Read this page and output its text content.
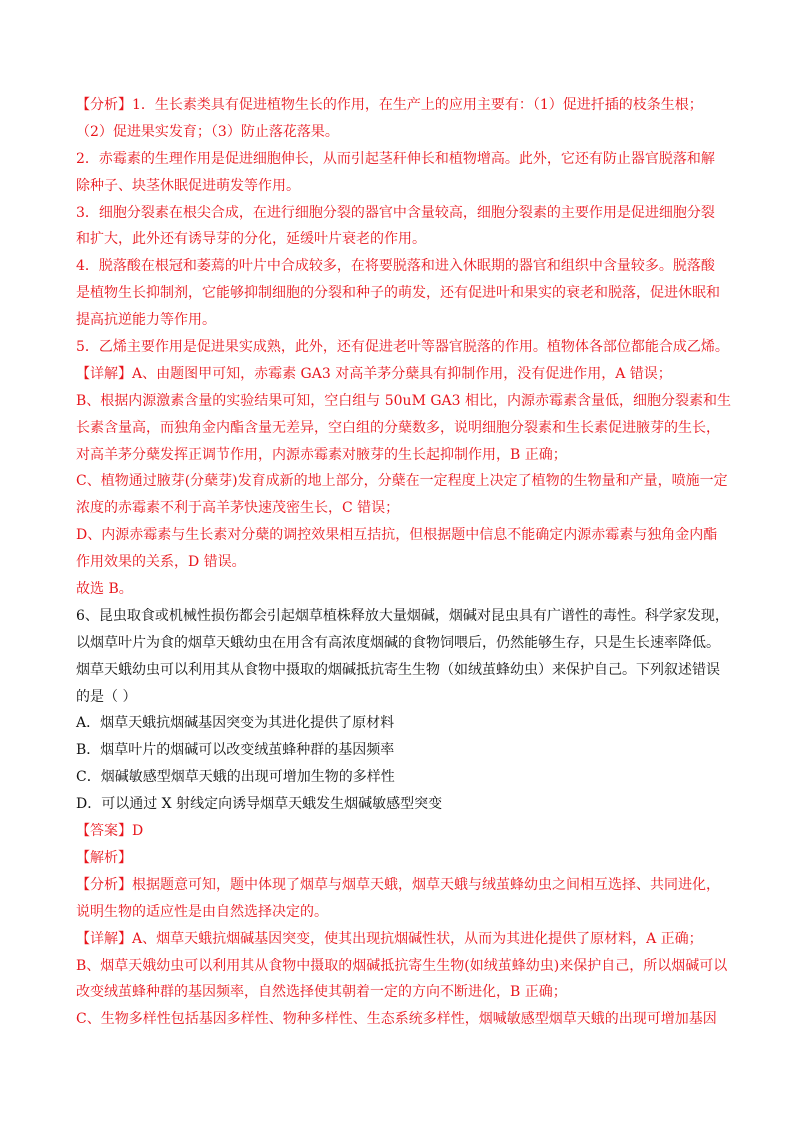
【分析】1．生长素类具有促进植物生长的作用，在生产上的应用主要有：（1）促进扦插的枝条生根；
（2）促进果实发育；（3）防止落花落果。
2．赤霉素的生理作用是促进细胞伸长，从而引起茎秆伸长和植物增高。此外，它还有防止器官脱落和解
除种子、块茎休眠促进萌发等作用。
3．细胞分裂素在根尖合成，在进行细胞分裂的器官中含量较高，细胞分裂素的主要作用是促进细胞分裂
和扩大，此外还有诱导芽的分化，延缓叶片衰老的作用。
4．脱落酸在根冠和萎蔫的叶片中合成较多，在将要脱落和进入休眠期的器官和组织中含量较多。脱落酸
是植物生长抑制剂，它能够抑制细胞的分裂和种子的萌发，还有促进叶和果实的衰老和脱落，促进休眠和
提高抗逆能力等作用。
5．乙烯主要作用是促进果实成熟，此外，还有促进老叶等器官脱落的作用。植物体各部位都能合成乙烯。
【详解】A、由题图甲可知，赤霉素 GA3 对高羊茅分蘖具有抑制作用，没有促进作用，A 错误；
B、根据内源激素含量的实验结果可知，空白组与 50uM GA3 相比，内源赤霉素含量低，细胞分裂素和生
长素含量高，而独角金内酯含量无差异，空白组的分蘖数多，说明细胞分裂素和生长素促进腋芽的生长，
对高羊茅分蘖发挥正调节作用，内源赤霉素对腋芽的生长起抑制作用，B 正确；
C、植物通过腋芽(分蘖芽)发育成新的地上部分，分蘖在一定程度上决定了植物的生物量和产量，喷施一定
浓度的赤霉素不利于高羊茅快速茂密生长，C 错误；
D、内源赤霉素与生长素对分蘖的调控效果相互拮抗，但根据题中信息不能确定内源赤霉素与独角金内酯
作用效果的关系，D 错误。
故选 B。
6、昆虫取食或机械性损伤都会引起烟草植株释放大量烟碱，烟碱对昆虫具有广谱性的毒性。科学家发现，
以烟草叶片为食的烟草天蛾幼虫在用含有高浓度烟碱的食物饲喂后，仍然能够生存，只是生长速率降低。
烟草天蛾幼虫可以利用其从食物中摄取的烟碱抵抗寄生生物（如绒茧蜂幼虫）来保护自己。下列叙述错误
的是（ ）
A．烟草天蛾抗烟碱基因突变为其进化提供了原材料
B．烟草叶片的烟碱可以改变绒茧蜂种群的基因频率
C．烟碱敏感型烟草天蛾的出现可增加生物的多样性
D．可以通过 X 射线定向诱导烟草天蛾发生烟碱敏感型突变
【答案】D
【解析】
【分析】根据题意可知，题中体现了烟草与烟草天蛾，烟草天蛾与绒茧蜂幼虫之间相互选择、共同进化，
说明生物的适应性是由自然选择决定的。
【详解】A、烟草天蛾抗烟碱基因突变，使其出现抗烟碱性状，从而为其进化提供了原材料，A 正确；
B、烟草天娥幼虫可以利用其从食物中摄取的烟碱抵抗寄生生物(如绒茧蜂幼虫)来保护自己，所以烟碱可以
改变绒茧蜂种群的基因频率，自然选择使其朝着一定的方向不断进化，B 正确；
C、生物多样性包括基因多样性、物种多样性、生态系统多样性，烟喊敏感型烟草天蛾的出现可增加基因
